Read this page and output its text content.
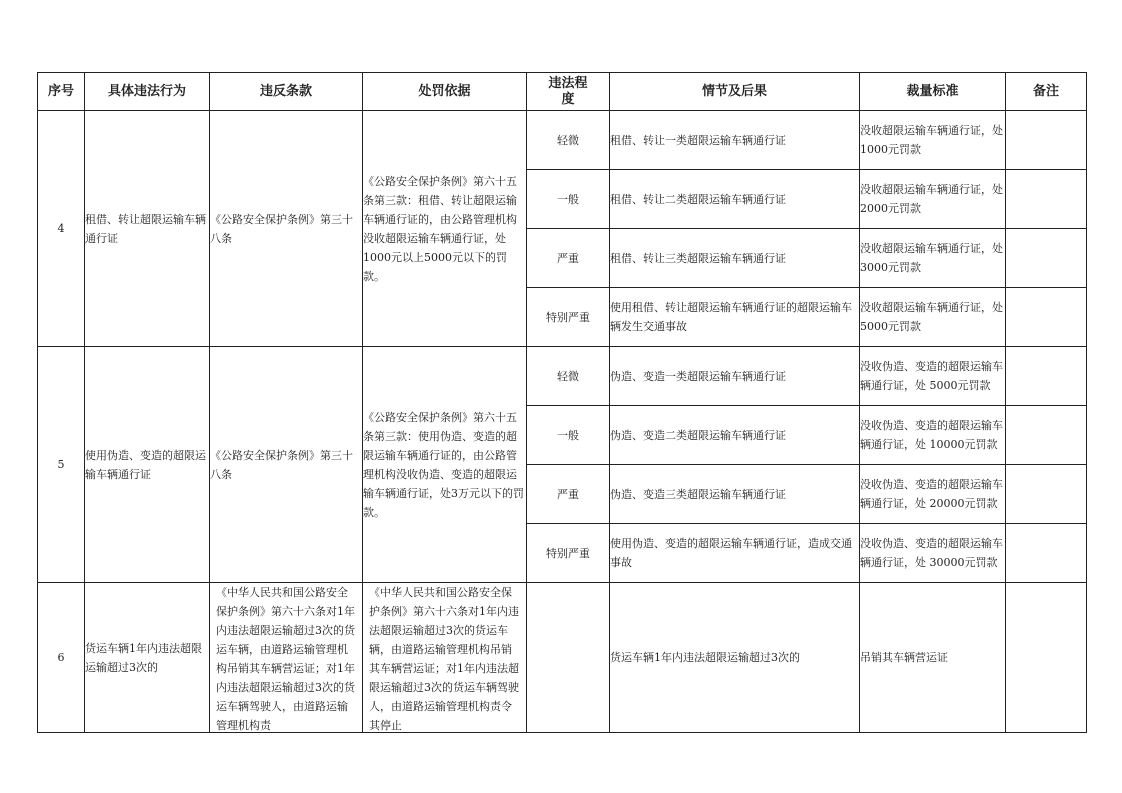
序号	具体违法行为	违反条款	处罚依据	违法程度	情节及后果	裁量标准	备注
4	租借、转让超限运输车辆通行证	《公路安全保护条例》第三十八条	《公路安全保护条例》第六十五条第三款：租借、转让超限运输车辆通行证的，由公路管理机构没收超限运输车辆通行证，处1000元以上5000元以下的罚款。	轻微	租借、转让一类超限运输车辆通行证	没收超限运输车辆通行证，处1000元罚款	
				一般	租借、转让二类超限运输车辆通行证	没收超限运输车辆通行证，处2000元罚款	
				严重	租借、转让三类超限运输车辆通行证	没收超限运输车辆通行证，处3000元罚款	
				特别严重	使用租借、转让超限运输车辆通行证的超限运输车辆发生交通事故	没收超限运输车辆通行证，处5000元罚款	
5	使用伪造、变造的超限运输车辆通行证	《公路安全保护条例》第三十八条	《公路安全保护条例》第六十五条第三款：使用伪造、变造的超限运输车辆通行证的，由公路管理机构没收伪造、变造的超限运输车辆通行证，处3万元以下的罚款。	轻微	伪造、变造一类超限运输车辆通行证	没收伪造、变造的超限运输车辆通行证，处 5000元罚款	
				一般	伪造、变造二类超限运输车辆通行证	没收伪造、变造的超限运输车辆通行证，处 10000元罚款	
				严重	伪造、变造三类超限运输车辆通行证	没收伪造、变造的超限运输车辆通行证，处 20000元罚款	
				特别严重	使用伪造、变造的超限运输车辆通行证，造成交通事故	没收伪造、变造的超限运输车辆通行证，处 30000元罚款	
6	货运车辆1年内违法超限运输超过3次的	《中华人民共和国公路安全保护条例》第六十六条对1年内违法超限运输超过3次的货运车辆，由道路运输管理机构吊销其车辆营运证；对1年内违法超限运输超过3次的货运车辆驾驶人，由道路运输管理机构责	《中华人民共和国公路安全保护条例》第六十六条对1年内违法超限运输超过3次的货运车辆，由道路运输管理机构吊销其车辆营运证；对1年内违法超限运输超过3次的货运车辆驾驶人，由道路运输管理机构责令其停止		货运车辆1年内违法超限运输超过3次的	吊销其车辆营运证	
